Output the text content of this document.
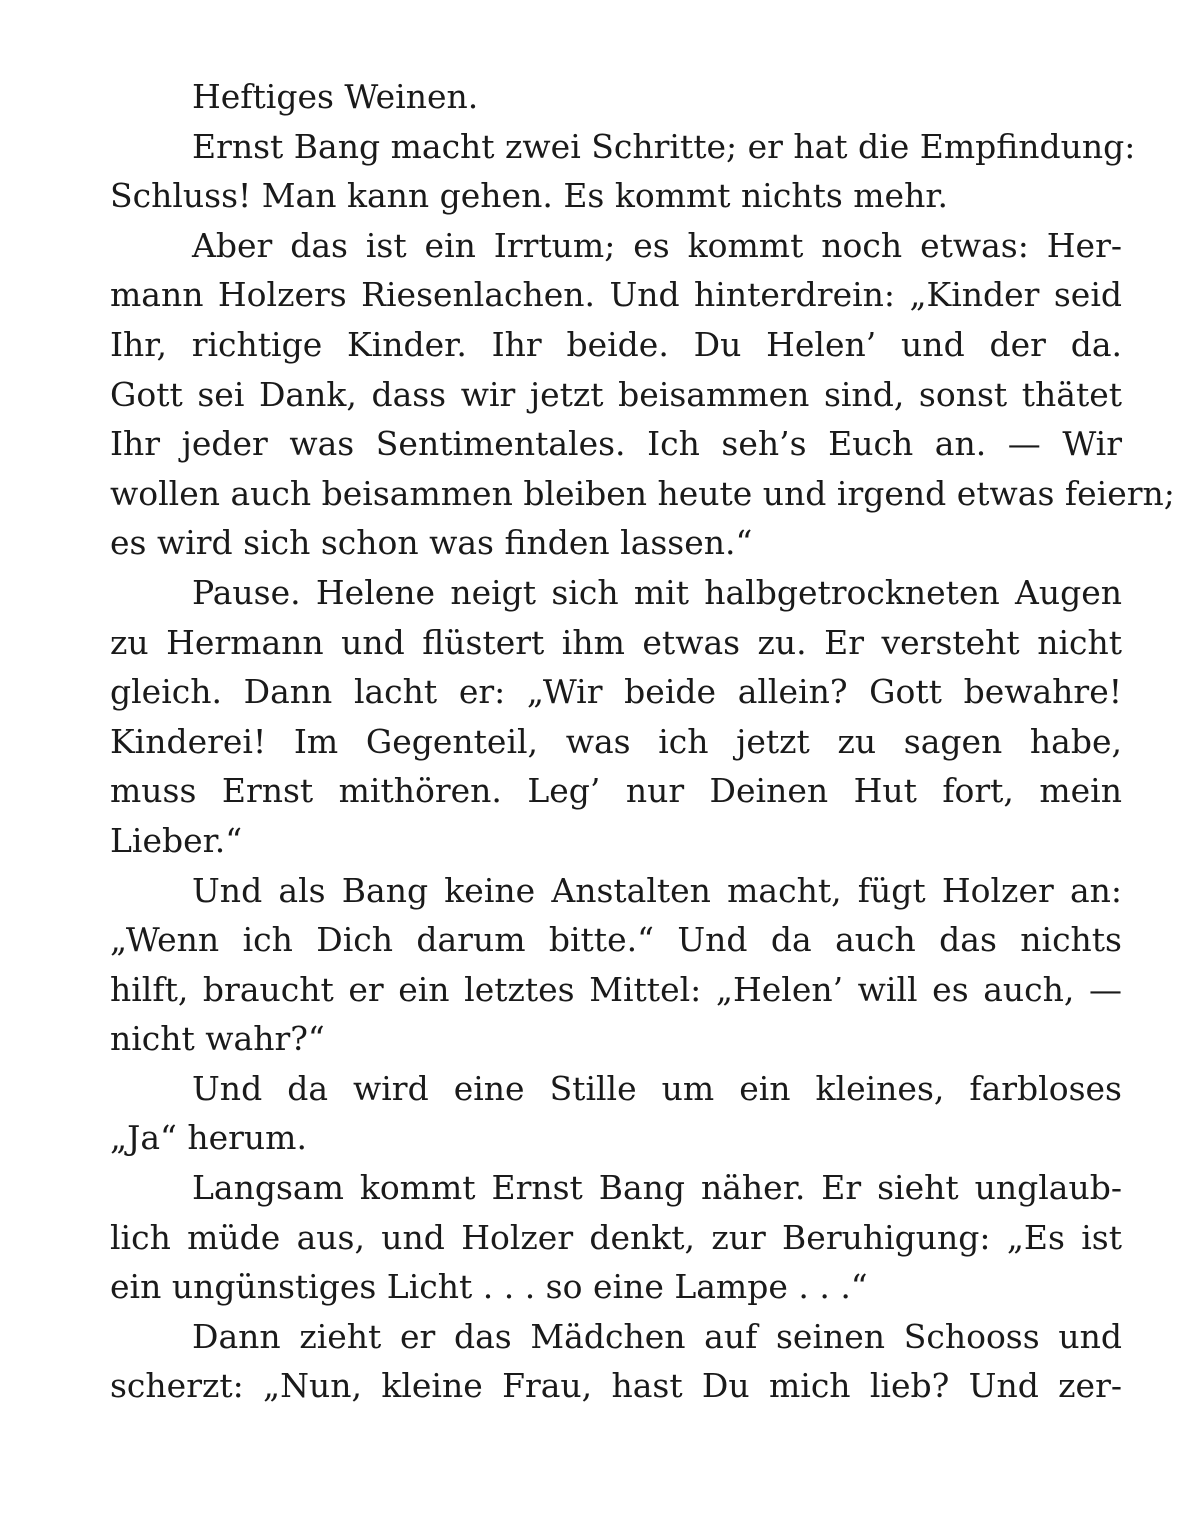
Heftiges Weinen.
Ernst Bang macht zwei Schritte; er hat die Empfindung:
Schluss! Man kann gehen. Es kommt nichts mehr.
Aber das ist ein Irrtum; es kommt noch etwas: Her-
mann Holzers Riesenlachen. Und hinterdrein: „Kinder seid
Ihr, richtige Kinder. Ihr beide. Du Helen’ und der da.
Gott sei Dank, dass wir jetzt beisammen sind, sonst thätet
Ihr jeder was Sentimentales. Ich seh’s Euch an. — Wir
wollen auch beisammen bleiben heute und irgend etwas feiern;
es wird sich schon was finden lassen.“
Pause. Helene neigt sich mit halbgetrockneten Augen
zu Hermann und flüstert ihm etwas zu. Er versteht nicht
gleich. Dann lacht er: „Wir beide allein? Gott bewahre!
Kinderei! Im Gegenteil, was ich jetzt zu sagen habe,
muss Ernst mithören. Leg’ nur Deinen Hut fort, mein
Lieber.“
Und als Bang keine Anstalten macht, fügt Holzer an:
„Wenn ich Dich darum bitte.“ Und da auch das nichts
hilft, braucht er ein letztes Mittel: „Helen’ will es auch, —
nicht wahr?“
Und da wird eine Stille um ein kleines, farbloses
„Ja“ herum.
Langsam kommt Ernst Bang näher. Er sieht unglaub-
lich müde aus, und Holzer denkt, zur Beruhigung: „Es ist
ein ungünstiges Licht . . . so eine Lampe . . .“
Dann zieht er das Mädchen auf seinen Schooss und
scherzt: „Nun, kleine Frau, hast Du mich lieb? Und zer-
